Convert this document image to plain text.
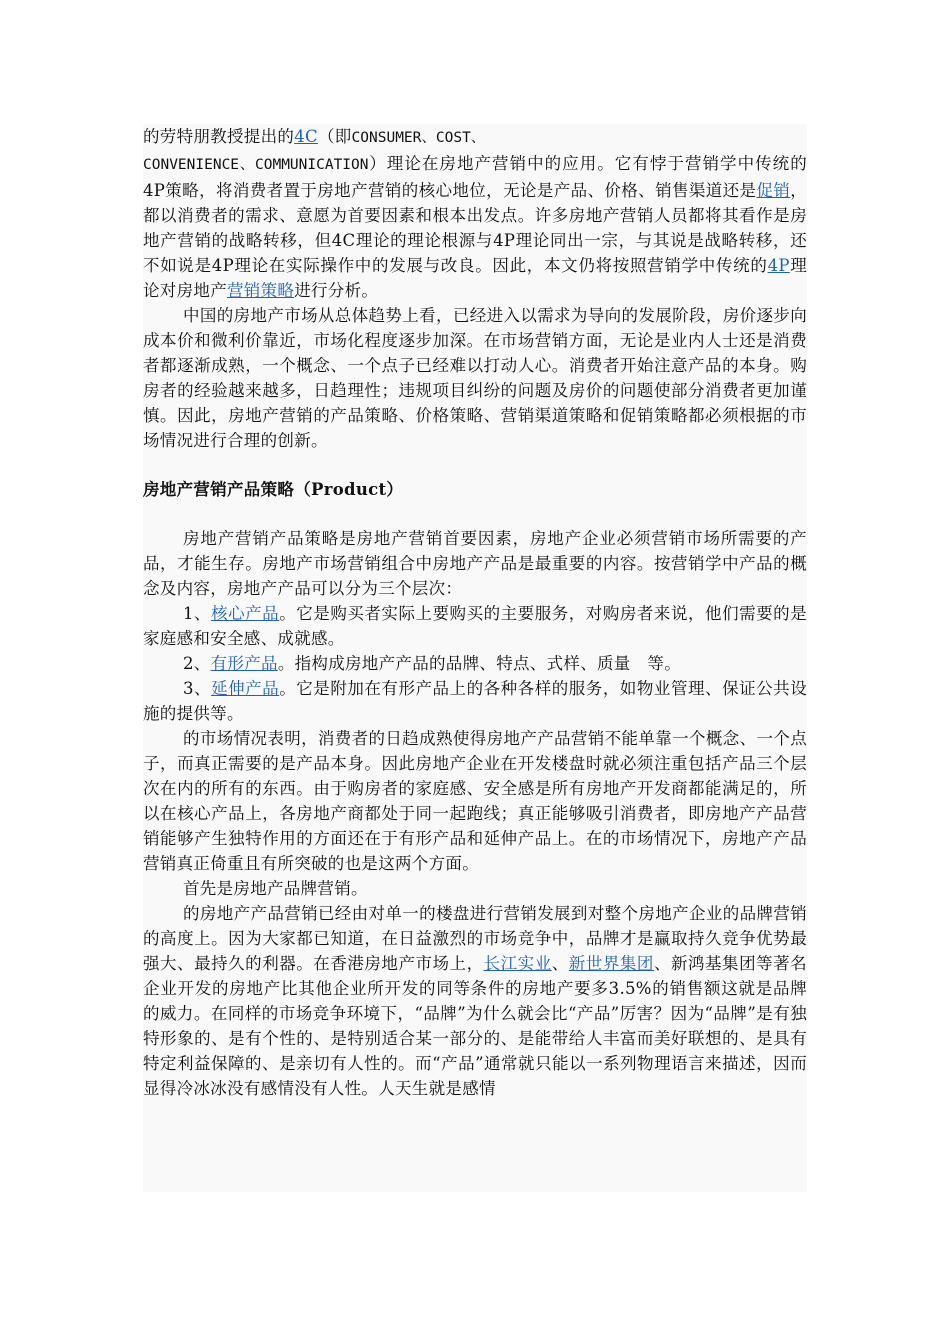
的劳特朋教授提出的4C（即CONSUMER、COST、
CONVENIENCE、COMMUNICATION）理论在房地产营销中的应用。它有悖于营销学中传统的4P策略，将消费者置于房地产营销的核心地位，无论是产品、价格、销售渠道还是促销，都以消费者的需求、意愿为首要因素和根本出发点。许多房地产营销人员都将其看作是房地产营销的战略转移，但4C理论的理论根源与4P理论同出一宗，与其说是战略转移，还不如说是4P理论在实际操作中的发展与改良。因此，本文仍将按照营销学中传统的4P理论对房地产营销策略进行分析。

中国的房地产市场从总体趋势上看，已经进入以需求为导向的发展阶段，房价逐步向成本价和微利价靠近，市场化程度逐步加深。在市场营销方面，无论是业内人士还是消费者都逐渐成熟，一个概念、一个点子已经难以打动人心。消费者开始注意产品的本身。购房者的经验越来越多，日趋理性；违规项目纠纷的问题及房价的问题使部分消费者更加谨慎。因此，房地产营销的产品策略、价格策略、营销渠道策略和促销策略都必须根据的市场情况进行合理的创新。

房地产营销产品策略（Product）

房地产营销产品策略是房地产营销首要因素，房地产企业必须营销市场所需要的产品，才能生存。房地产市场营销组合中房地产产品是最重要的内容。按营销学中产品的概念及内容，房地产产品可以分为三个层次：

1、核心产品。它是购买者实际上要购买的主要服务，对购房者来说，他们需要的是家庭感和安全感、成就感。

2、有形产品。指构成房地产产品的品牌、特点、式样、质量　等。

3、延伸产品。它是附加在有形产品上的各种各样的服务，如物业管理、保证公共设施的提供等。

的市场情况表明，消费者的日趋成熟使得房地产产品营销不能单靠一个概念、一个点子，而真正需要的是产品本身。因此房地产企业在开发楼盘时就必须注重包括产品三个层次在内的所有的东西。由于购房者的家庭感、安全感是所有房地产开发商都能满足的，所以在核心产品上，各房地产商都处于同一起跑线；真正能够吸引消费者，即房地产产品营销能够产生独特作用的方面还在于有形产品和延伸产品上。在的市场情况下，房地产产品营销真正倚重且有所突破的也是这两个方面。

首先是房地产品牌营销。

的房地产产品营销已经由对单一的楼盘进行营销发展到对整个房地产企业的品牌营销的高度上。因为大家都已知道，在日益激烈的市场竞争中，品牌才是赢取持久竞争优势最强大、最持久的利器。在香港房地产市场上，长江实业、新世界集团、新鸿基集团等著名企业开发的房地产比其他企业所开发的同等条件的房地产要多3.5%的销售额这就是品牌的威力。在同样的市场竞争环境下，“品牌”为什么就会比“产品”厉害？因为“品牌”是有独特形象的、是有个性的、是特别适合某一部分的、是能带给人丰富而美好联想的、是具有特定利益保障的、是亲切有人性的。而“产品”通常就只能以一系列物理语言来描述，因而显得冷冰冰没有感情没有人性。人天生就是感情
